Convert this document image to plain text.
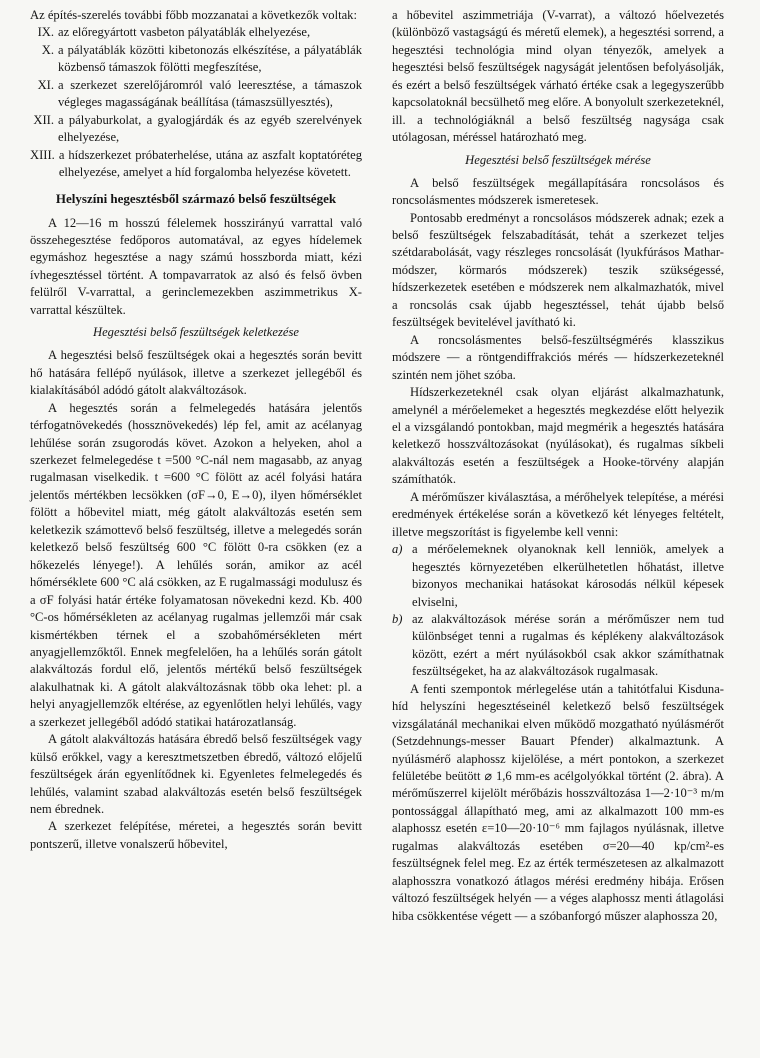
Az építés-szerelés további főbb mozzanatai a következők voltak:

IX. az előregyártott vasbeton pályatáblák elhelyezése,
X. a pályatáblák közötti kibetonozás elkészítése, a pályatáblák közbenső támaszok fölötti megfeszítése,
XI. a szerkezet szerelőjáromról való leeresztése, a támaszok végleges magasságának beállítása (támaszsüllyesztés),
XII. a pályaburkolat, a gyalogjárdák és az egyéb szerelvények elhelyezése,
XIII. a hídszerkezet próbaterhelése, utána az aszfalt koptatóréteg elhelyezése, amelyet a híd forgalomba helyezése követett.
Helyszíni hegesztésből származó belső feszültségek

A 12—16 m hosszú félelemek hosszirányú varrattal való összehegesztése fedőporos automatával, az egyes hídelemek egymáshoz hegesztése a nagy számú hosszborda miatt, kézi ívhegesztéssel történt. A tompavarratok az alsó és felső övben felülről V-varrattal, a gerinclemezekben aszimmetrikus X-varrattal készültek.

Hegesztési belső feszültségek keletkezése

A hegesztési belső feszültségek okai a hegesztés során bevitt hő hatására fellépő nyúlások, illetve a szerkezet jellegéből és kialakításából adódó gátolt alakváltozások.

A hegesztés során a felmelegedés hatására jelentős térfogatnövekedés (hossznövekedés) lép fel, amit az acélanyag lehűlése során zsugorodás követ. Azokon a helyeken, ahol a szerkezet felmelegedése t =500 °C-nál nem magasabb, az anyag rugalmasan viselkedik. t =600 °C fölött az acél folyási határa jelentős mértékben lecsökken (σF→0, E→0), ilyen hőmérséklet fölött a hőbevitel miatt, még gátolt alakváltozás esetén sem keletkezik számottevő belső feszültség, illetve a melegedés során keletkező belső feszültség 600 °C fölött 0-ra csökken (ez a hőkezelés lényege!). A lehűlés során, amikor az acél hőmérséklete 600 °C alá csökken, az E rugalmassági modulusz és a σF folyási határ értéke folyamatosan növekedni kezd. Kb. 400 °C-os hőmérsékleten az acélanyag rugalmas jellemzői már csak kismértékben térnek el a szobahőmérsékleten mért anyagjellemzőktől. Ennek megfelelően, ha a lehűlés során gátolt alakváltozás fordul elő, jelentős mértékű belső feszültségek alakulhatnak ki. A gátolt alakváltozásnak több oka lehet: pl. a helyi anyagjellemzők eltérése, az egyenlőtlen helyi lehűlés, vagy a szerkezet jellegéből adódó statikai határozatlanság.

A gátolt alakváltozás hatására ébredő belső feszültségek vagy külső erőkkel, vagy a keresztmetszetben ébredő, változó előjelű feszültségek árán egyenlítődnek ki. Egyenletes felmelegedés és lehűlés, valamint szabad alakváltozás esetén belső feszültségek nem ébrednek.

A szerkezet felépítése, méretei, a hegesztés során bevitt pontszerű, illetve vonalszerű hőbevitel,

a hőbevitel aszimmetriája (V-varrat), a változó hőelvezetés (különböző vastagságú és méretű elemek), a hegesztési sorrend, a hegesztési technológia mind olyan tényezők, amelyek a hegesztési belső feszültségek nagyságát jelentősen befolyásolják, és ezért a belső feszültségek várható értéke csak a legegyszerűbb kapcsolatoknál becsülhető meg előre. A bonyolult szerkezeteknél, ill. a technológiáknál a belső feszültség nagysága csak utólagosan, méréssel határozható meg.

Hegesztési belső feszültségek mérése

A belső feszültségek megállapítására roncsolásos és roncsolásmentes módszerek ismeretesek.

Pontosabb eredményt a roncsolásos módszerek adnak; ezek a belső feszültségek felszabadítását, tehát a szerkezet teljes szétdarabolását, vagy részleges roncsolását (lyukfúrásos Mathar-módszer, körmarós módszerek) teszik szükségessé, hídszerkezetek esetében e módszerek nem alkalmazhatók, mivel a roncsolás csak újabb hegesztéssel, tehát újabb belső feszültségek bevitelével javítható ki.

A roncsolásmentes belső-feszültségmérés klasszikus módszere — a röntgendiffrakciós mérés — hídszerkezeteknél szintén nem jöhet szóba.

Hídszerkezeteknél csak olyan eljárást alkalmazhatunk, amelynél a mérőelemeket a hegesztés megkezdése előtt helyezik el a vizsgálandó pontokban, majd megmérik a hegesztés hatására keletkező hosszváltozásokat (nyúlásokat), és rugalmas síkbeli alakváltozás esetén a feszültségek a Hooke-törvény alapján számíthatók.

A mérőműszer kiválasztása, a mérőhelyek telepítése, a mérési eredmények értékelése során a következő két lényeges feltételt, illetve megszorítást is figyelembe kell venni:

a) a mérőelemeknek olyanoknak kell lenniök, amelyek a hegesztés környezetében elkerülhetetlen hőhatást, illetve bizonyos mechanikai hatásokat károsodás nélkül képesek elviselni,
b) az alakváltozások mérése során a mérőműszer nem tud különbséget tenni a rugalmas és képlékeny alakváltozások között, ezért a mért nyúlásokból csak akkor számíthatnak feszültségeket, ha az alakváltozások rugalmasak.

A fenti szempontok mérlegelése után a tahitótfalui Kisduna-híd helyszíni hegesztéseinél keletkező belső feszültségek vizsgálatánál mechanikai elven működő mozgatható nyúlásmérőt (Setzdehnungs-messer Bauart Pfender) alkalmaztunk. A nyúlásmérő alaphossz kijelölése, a mért pontokon, a szerkezet felületébe beütött ⌀ 1,6 mm-es acélgolyókkal történt (2. ábra). A mérőműszerrel kijelölt mérőbázis hosszváltozása 1—2·10⁻³ m/m pontossággal állapítható meg, ami az alkalmazott 100 mm-es alaphossz esetén ε=10—20·10⁻⁶ mm fajlagos nyúlásnak, illetve rugalmas alakváltozás esetében σ=20—40 kp/cm²-es feszültségnek felel meg. Ez az érték természetesen az alkalmazott alaphosszra vonatkozó átlagos mérési eredmény hibája. Erősen változó feszültségek helyén — a véges alaphossz menti átlagolási hiba csökkentése végett — a szóbanforgó műszer alaphossza 20,
